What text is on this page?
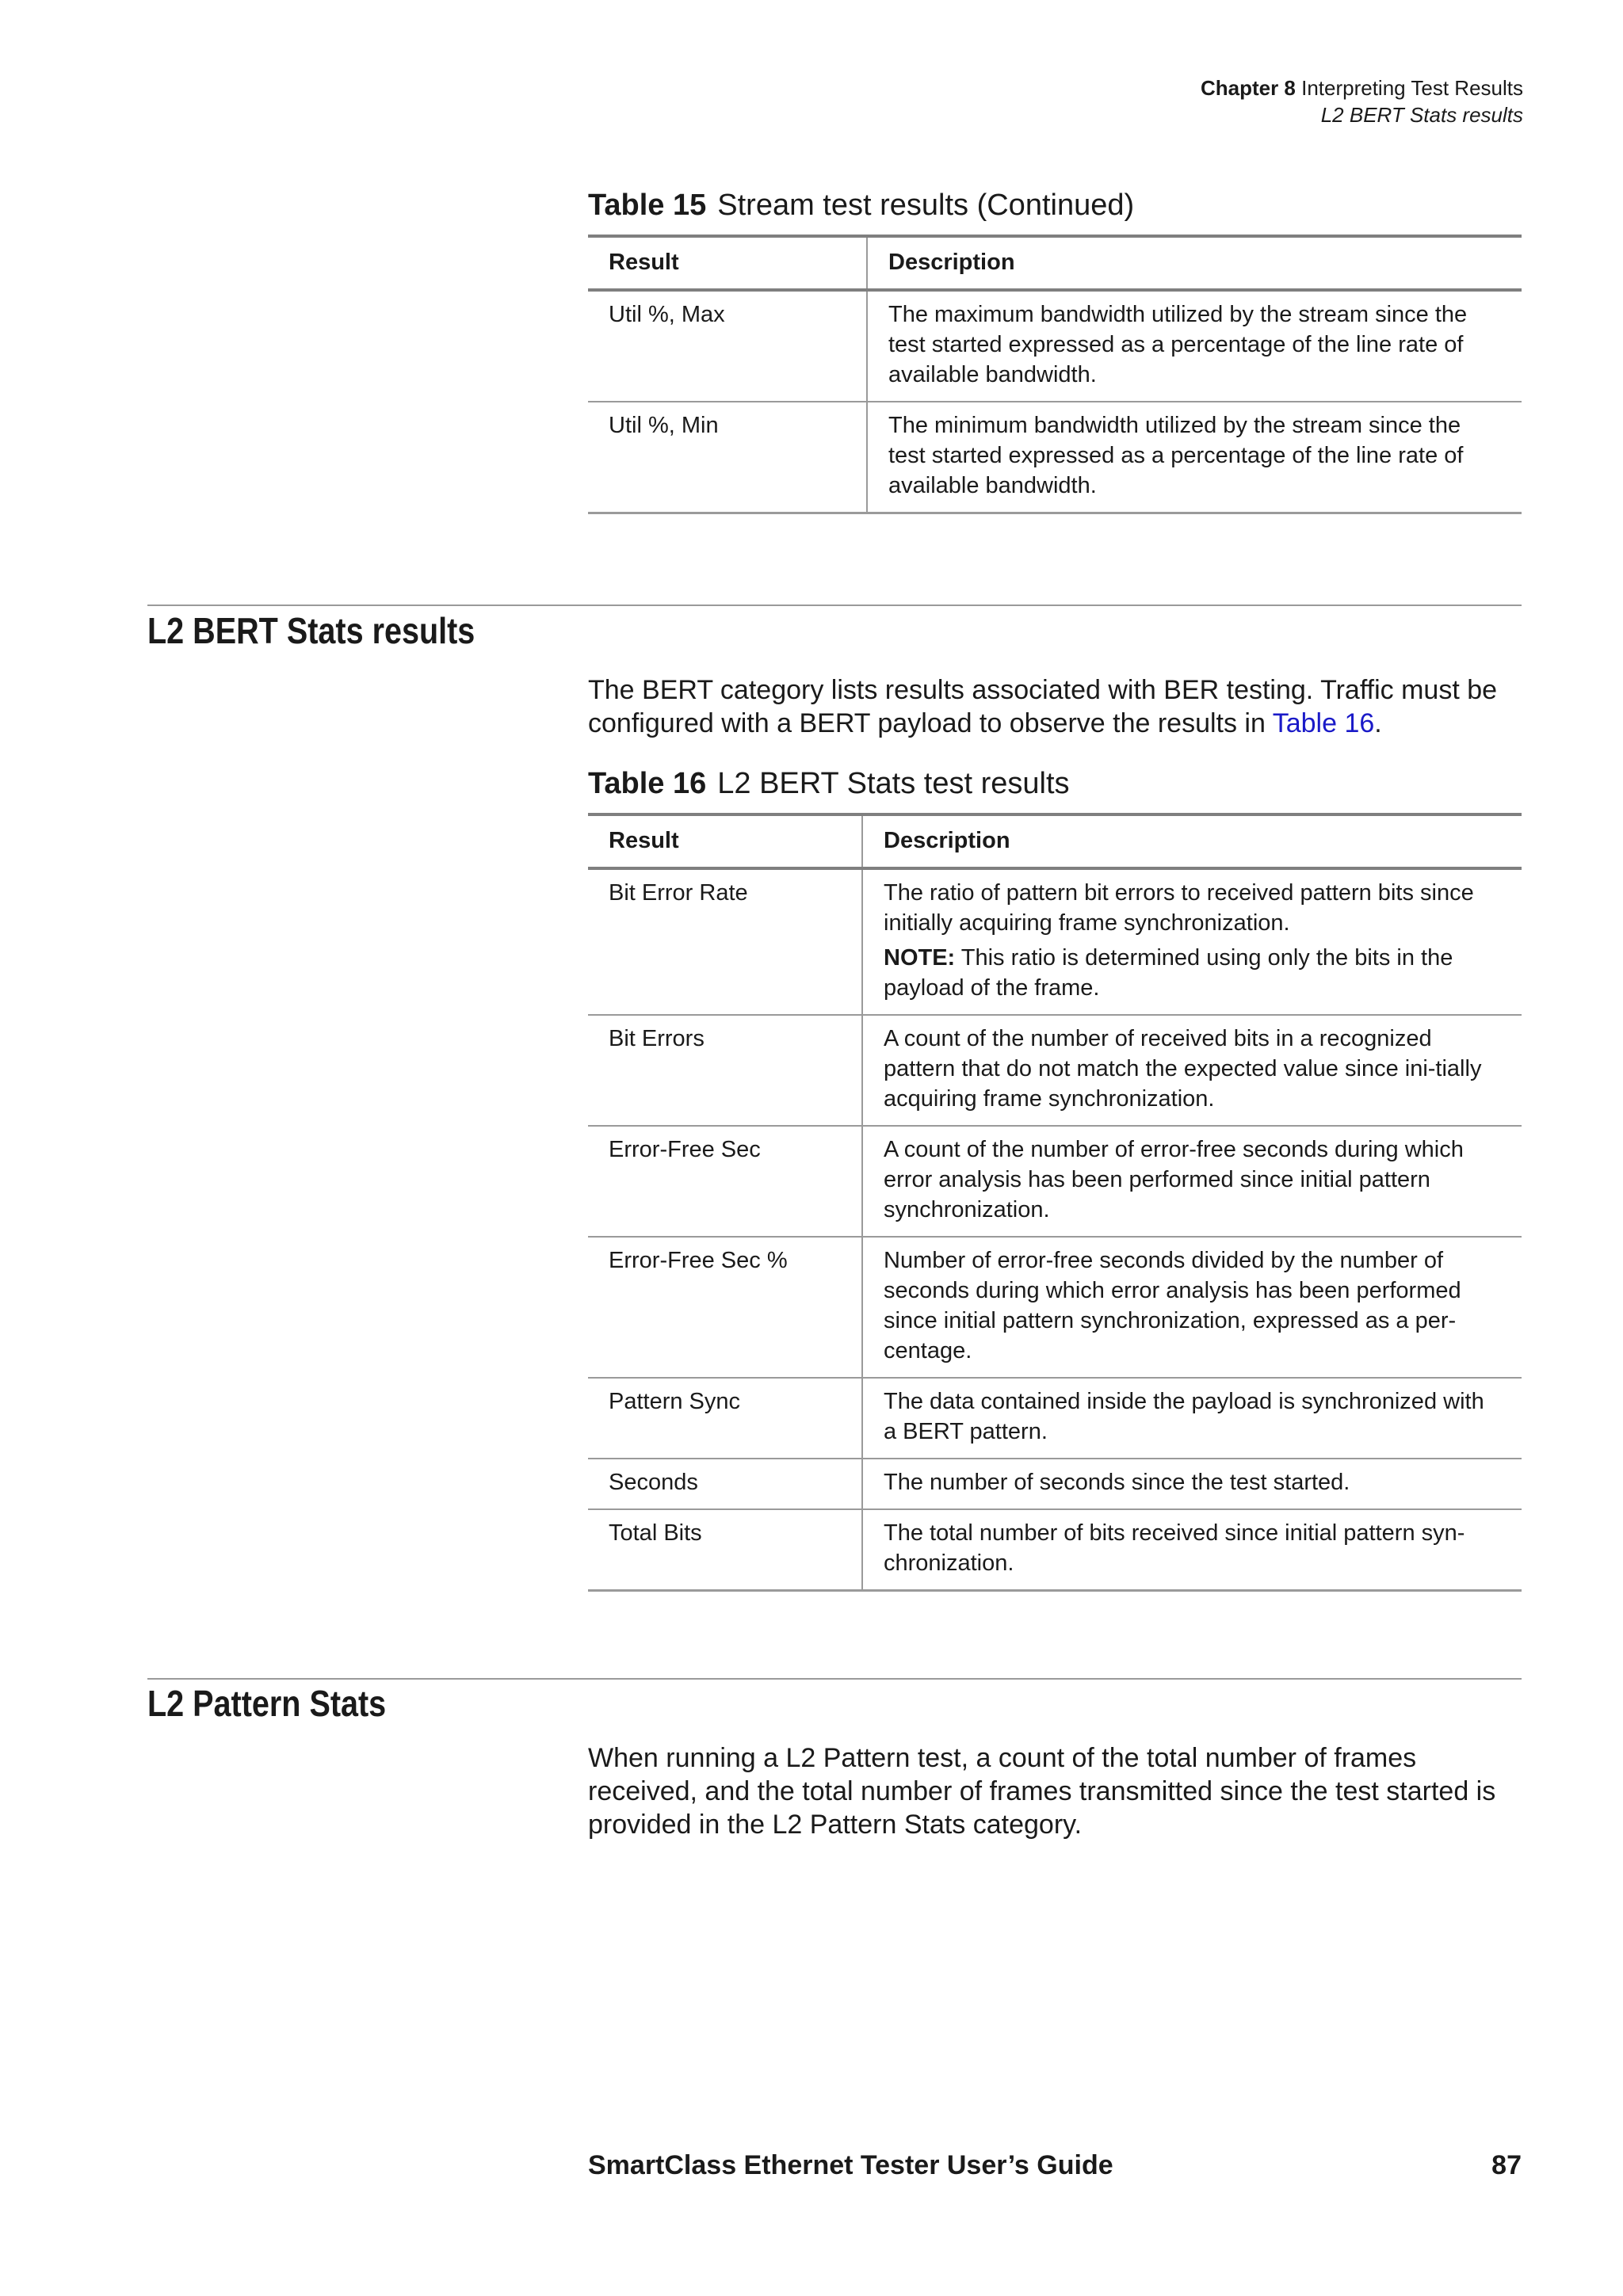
Chapter 8 Interpreting Test Results
L2 BERT Stats results
Table 15 Stream test results (Continued)
Result	Description
Util %, Max	The maximum bandwidth utilized by the stream since the test started expressed as a percentage of the line rate of available bandwidth.
Util %, Min	The minimum bandwidth utilized by the stream since the test started expressed as a percentage of the line rate of available bandwidth.
L2 BERT Stats results
The BERT category lists results associated with BER testing. Traffic must be configured with a BERT payload to observe the results in Table 16.
Table 16 L2 BERT Stats test results
Result	Description
Bit Error Rate	The ratio of pattern bit errors to received pattern bits since initially acquiring frame synchronization.
NOTE: This ratio is determined using only the bits in the payload of the frame.

Bit Errors	A count of the number of received bits in a recognized pattern that do not match the expected value since ini-tially acquiring frame synchronization.
Error-Free Sec	A count of the number of error-free seconds during which error analysis has been performed since initial pattern synchronization.
Error-Free Sec %	Number of error-free seconds divided by the number of seconds during which error analysis has been performed since initial pattern synchronization, expressed as a per-centage.
Pattern Sync	The data contained inside the payload is synchronized with a BERT pattern.
Seconds	The number of seconds since the test started.
Total Bits	The total number of bits received since initial pattern syn-chronization.
L2 Pattern Stats
When running a L2 Pattern test, a count of the total number of frames received, and the total number of frames transmitted since the test started is provided in the L2 Pattern Stats category.
SmartClass Ethernet Tester User’s Guide	87
